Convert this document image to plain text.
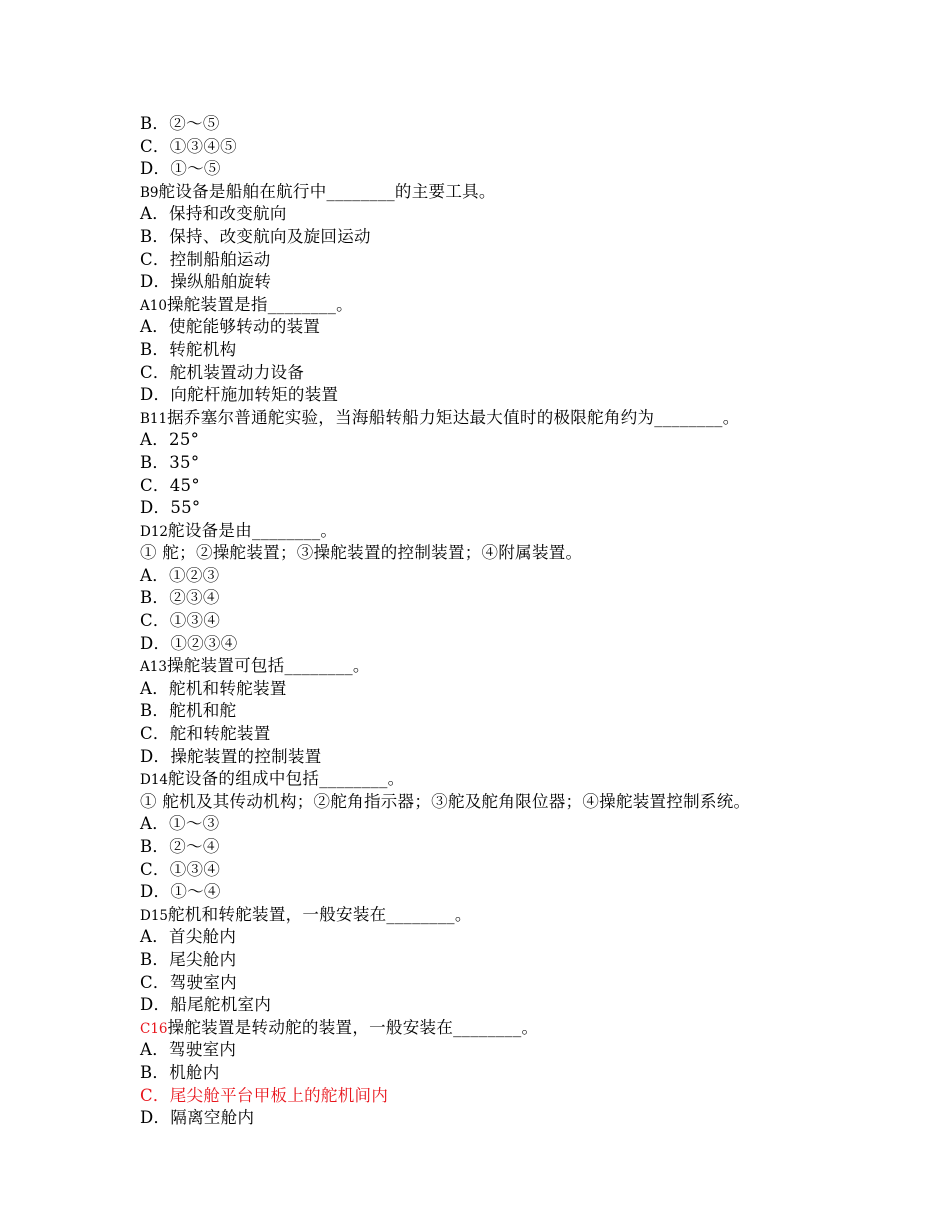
B．②～⑤
C．①③④⑤
D．①～⑤
B9舵设备是船舶在航行中________的主要工具。
A．保持和改变航向
B．保持、改变航向及旋回运动
C．控制船舶运动
D．操纵船舶旋转
A10操舵装置是指________。
A．使舵能够转动的装置
B．转舵机构
C．舵机装置动力设备
D．向舵杆施加转矩的装置
B11据乔塞尔普通舵实验，当海船转船力矩达最大值时的极限舵角约为________。
A．25°
B．35°
C．45°
D．55°
D12舵设备是由________。
① 舵；②操舵装置；③操舵装置的控制装置；④附属装置。
A．①②③
B．②③④
C．①③④
D．①②③④
A13操舵装置可包括________。
A．舵机和转舵装置
B．舵机和舵
C．舵和转舵装置
D．操舵装置的控制装置
D14舵设备的组成中包括________。
① 舵机及其传动机构；②舵角指示器；③舵及舵角限位器；④操舵装置控制系统。
A．①～③
B．②～④
C．①③④
D．①～④
D15舵机和转舵装置，一般安装在________。
A．首尖舱内
B．尾尖舱内
C．驾驶室内
D．船尾舵机室内
C16操舵装置是转动舵的装置，一般安装在________。
A．驾驶室内
B．机舱内
C．尾尖舱平台甲板上的舵机间内
D．隔离空舱内
